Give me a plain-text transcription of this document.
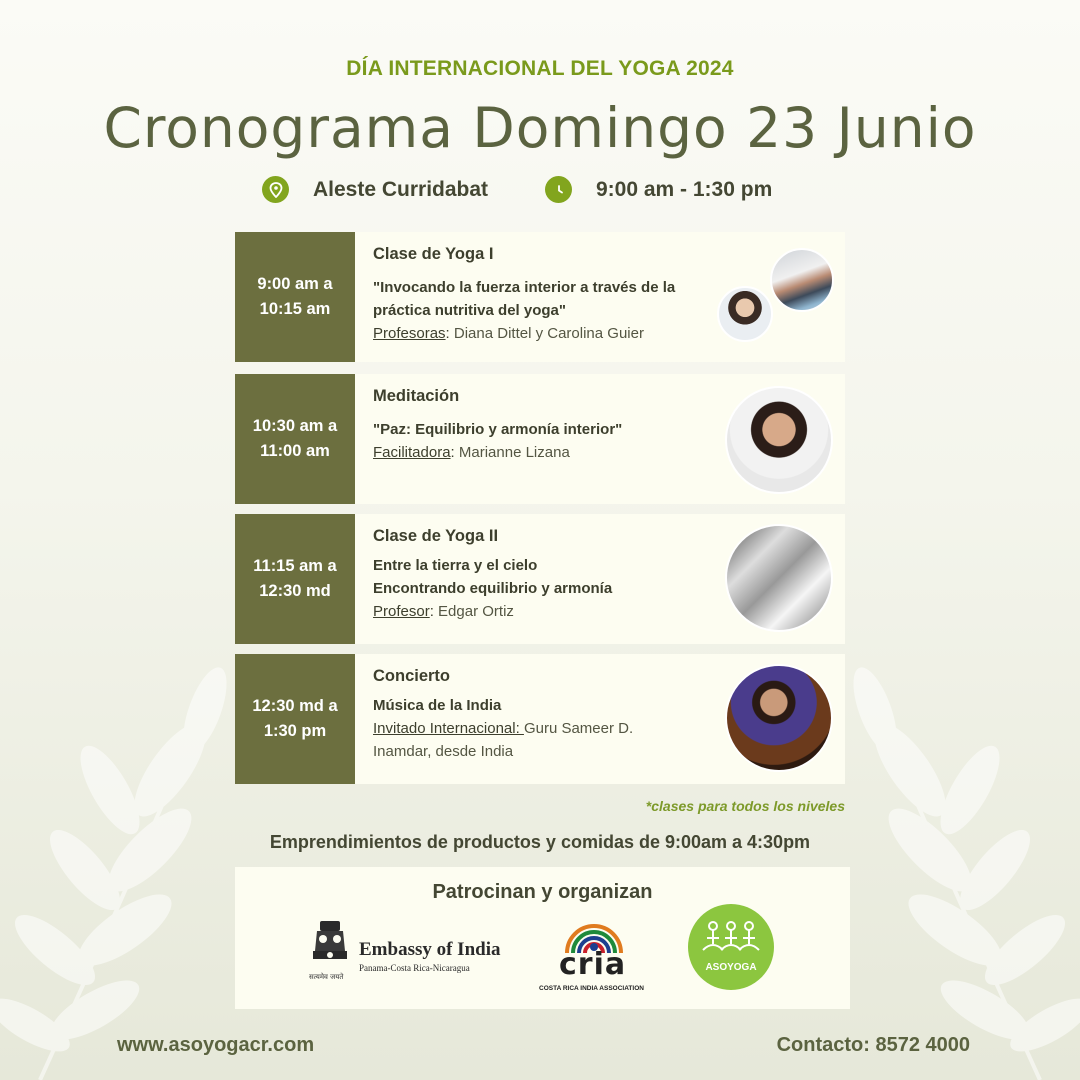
DÍA INTERNACIONAL DEL YOGA 2024
Cronograma Domingo 23 Junio
Aleste Curridabat	9:00 am - 1:30 pm
9:00 am a 10:15 am
Clase de Yoga I
"Invocando la fuerza interior a través de la práctica nutritiva del yoga"
Profesoras: Diana Dittel y Carolina Guier
10:30 am a 11:00 am
Meditación
"Paz: Equilibrio y armonía interior"
Facilitadora: Marianne Lizana
11:15 am a 12:30 md
Clase de Yoga II
Entre la tierra y el cielo
Encontrando equilibrio y armonía
Profesor: Edgar Ortiz
12:30 md a 1:30 pm
Concierto
Música de la India
Invitado Internacional: Guru Sameer D. Inamdar, desde India
*clases para todos los niveles
Emprendimientos de productos y comidas de 9:00am a 4:30pm
Patrocinan y organizan
सत्यमेव जयते
Embassy of India
Panama-Costa Rica-Nicaragua	cria
COSTA RICA INDIA ASSOCIATION
ASOYOGA
www.asoyogacr.com	Contacto: 8572 4000
